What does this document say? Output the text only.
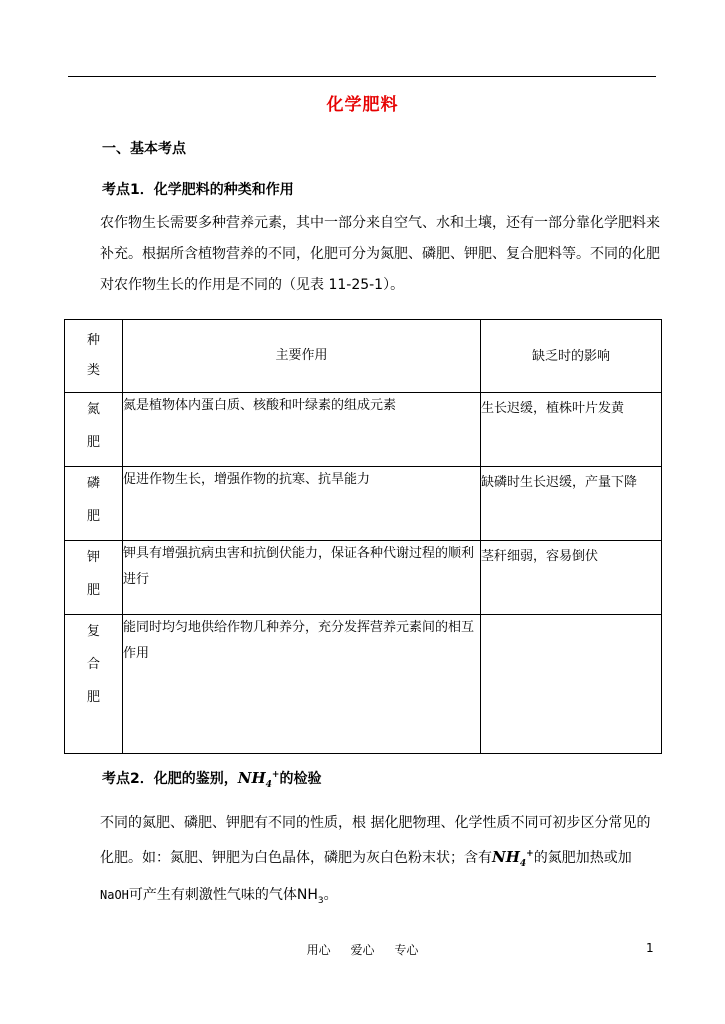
化学肥料
一、基本考点
考点1．化学肥料的种类和作用
农作物生长需要多种营养元素，其中一部分来自空气、水和土壤，还有一部分靠化学肥料来补充。根据所含植物营养的不同，化肥可分为氮肥、磷肥、钾肥、复合肥料等。不同的化肥对农作物生长的作用是不同的（见表 11-25-1）。
种
类	主要作用	缺乏时的影响

氮
肥	氮是植物体内蛋白质、核酸和叶绿素的组成元素	生长迟缓，植株叶片发黄

磷
肥	促进作物生长，增强作物的抗寒、抗旱能力	缺磷时生长迟缓，产量下降

钾
肥	钾具有增强抗病虫害和抗倒伏能力，保证各种代谢过程的顺利进行	茎秆细弱，容易倒伏

复
合
肥	能同时均匀地供给作物几种养分，充分发挥营养元素间的相互作用	
考点2．化肥的鉴别，$NH_4^+$的检验
不同的氮肥、磷肥、钾肥有不同的性质，根 据化肥物理、化学性质不同可初步区分常见的化肥。如：氮肥、钾肥为白色晶体，磷肥为灰白色粉末状；含有$NH_4^+$的氮肥加热或加NaOH可产生有刺激性气味的气体$NH_3$。
用心 爱心 专心	1
